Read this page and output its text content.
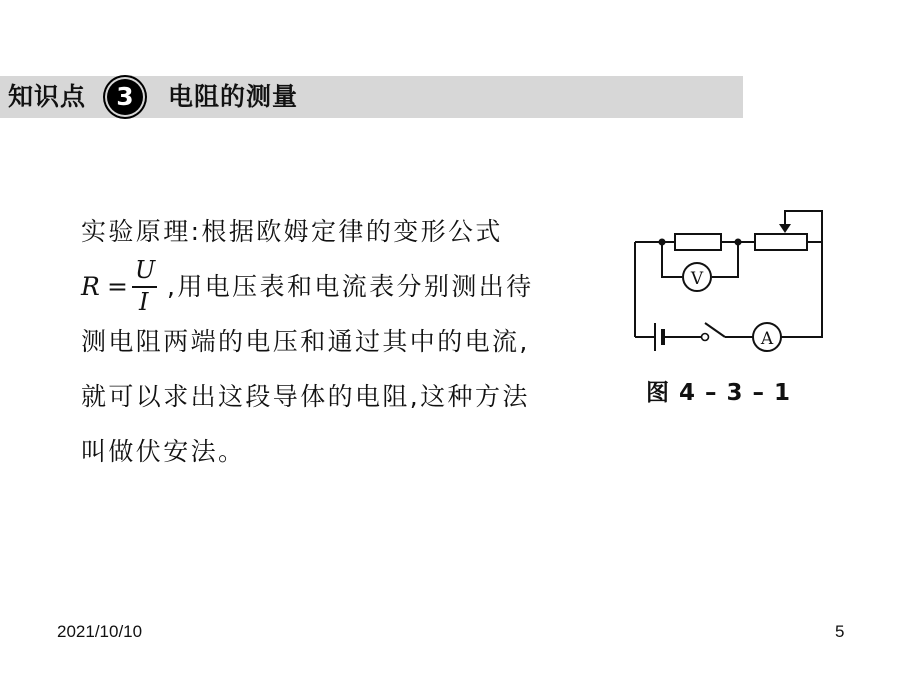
知识点	3	电阻的测量

实验原理:根据欧姆定律的变形公式

R =
U
I
,用电压表和电流表分别测出待

测电阻两端的电压和通过其中的电流,

就可以求出这段导体的电阻,这种方法

叫做伏安法。

V
A
图 4 – 3 – 1
2021/10/10	5
